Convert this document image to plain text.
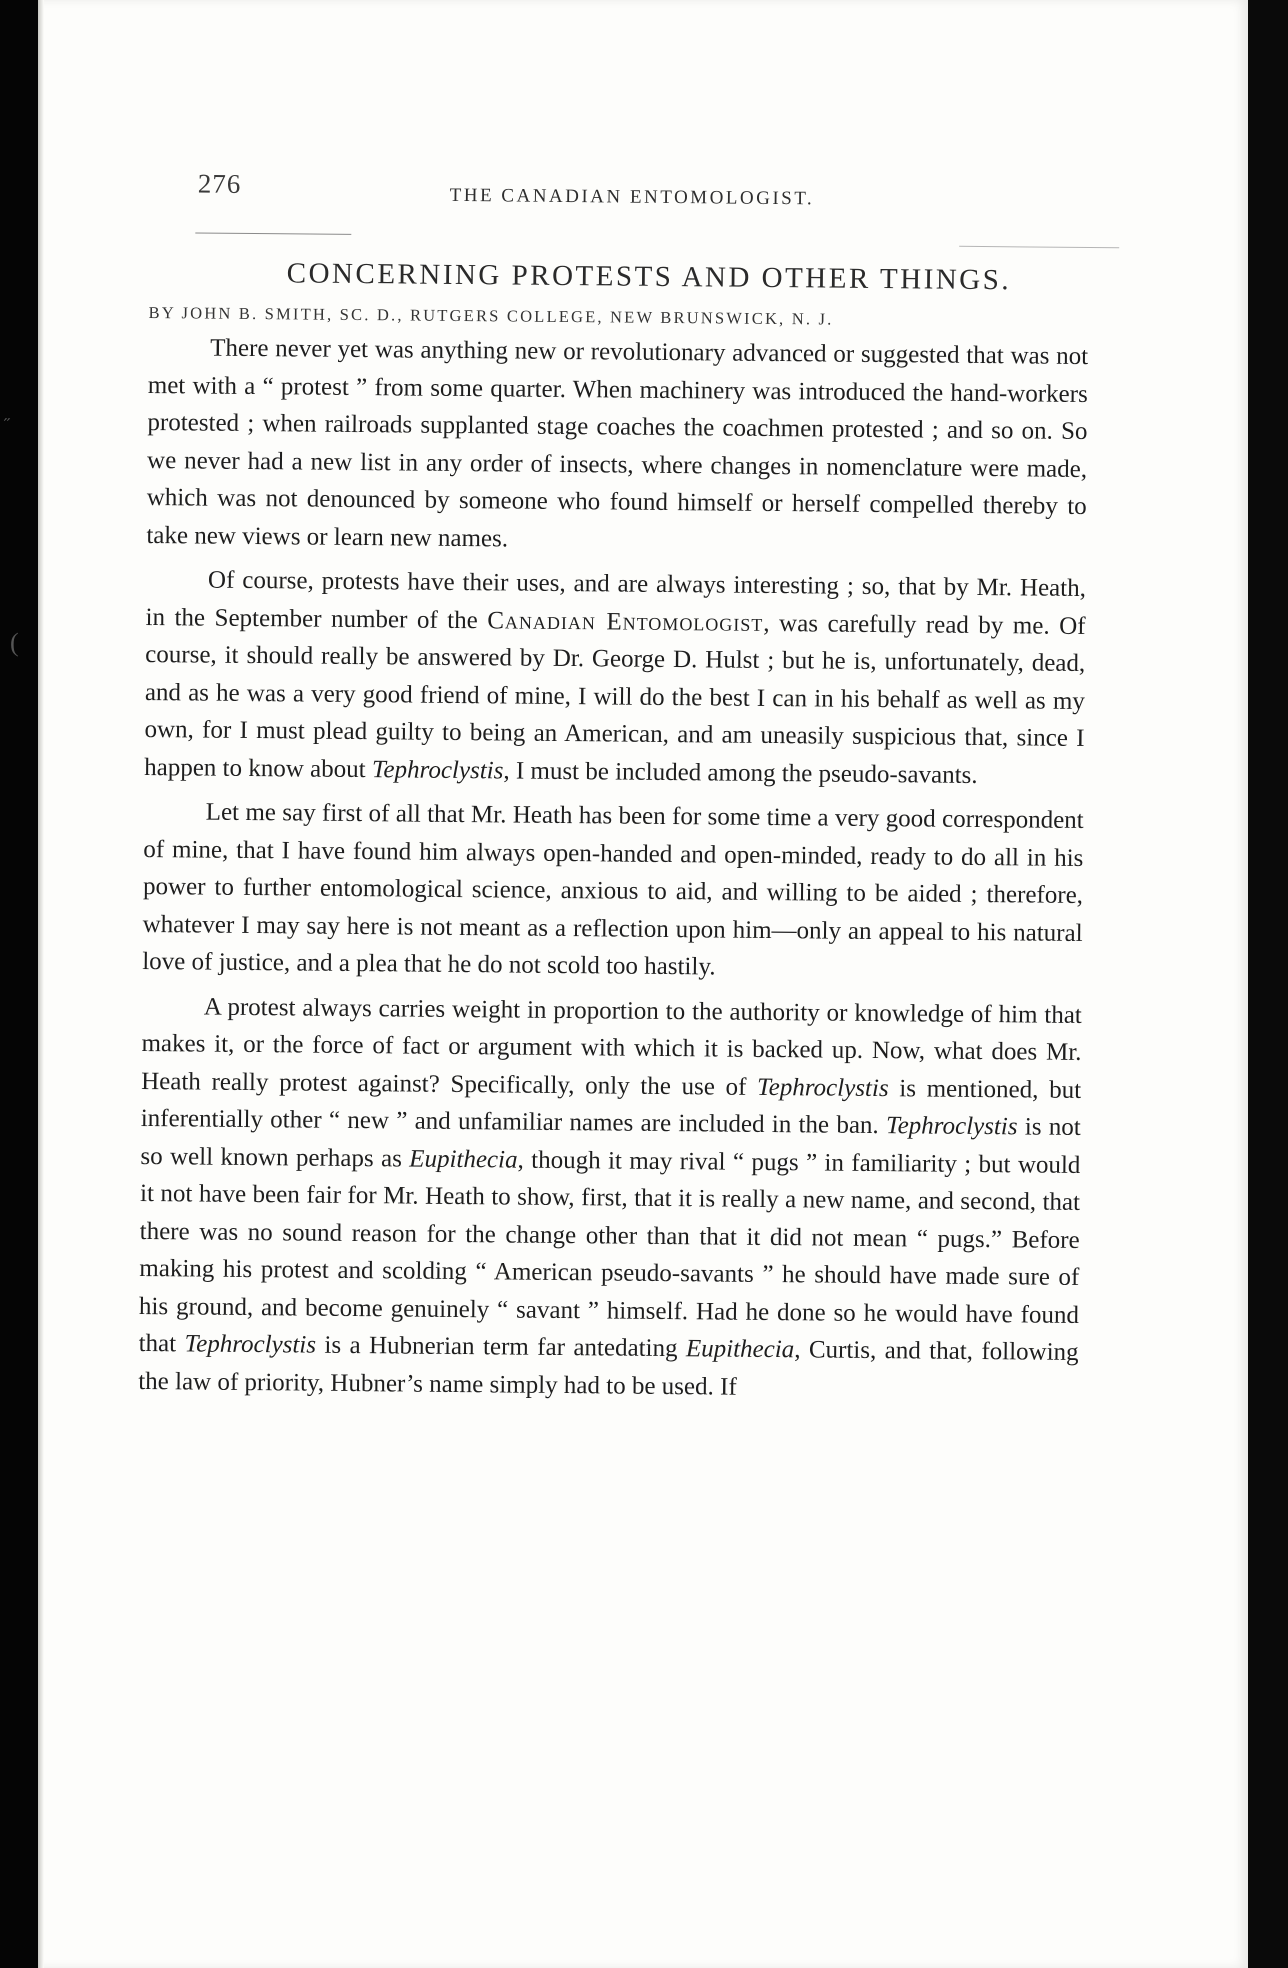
˝
(
276	THE CANADIAN ENTOMOLOGIST.
CONCERNING PROTESTS AND OTHER THINGS.
BY JOHN B. SMITH, SC. D., RUTGERS COLLEGE, NEW BRUNSWICK, N. J.

There never yet was anything new or revolutionary advanced or suggested that was not met with a “ protest ” from some quarter. When machinery was introduced the hand-workers protested ; when railroads supplanted stage coaches the coachmen protested ; and so on. So we never had a new list in any order of insects, where changes in nomenclature were made, which was not denounced by someone who found himself or herself compelled thereby to take new views or learn new names.

Of course, protests have their uses, and are always interesting ; so, that by Mr. Heath, in the September number of the Canadian Entomologist, was carefully read by me. Of course, it should really be answered by Dr. George D. Hulst ; but he is, unfortunately, dead, and as he was a very good friend of mine, I will do the best I can in his behalf as well as my own, for I must plead guilty to being an American, and am uneasily suspicious that, since I happen to know about Tephroclystis, I must be included among the pseudo-savants.

Let me say first of all that Mr. Heath has been for some time a very good correspondent of mine, that I have found him always open-handed and open-minded, ready to do all in his power to further entomological science, anxious to aid, and willing to be aided ; therefore, whatever I may say here is not meant as a reflection upon him—only an appeal to his natural love of justice, and a plea that he do not scold too hastily.

A protest always carries weight in proportion to the authority or knowledge of him that makes it, or the force of fact or argument with which it is backed up. Now, what does Mr. Heath really protest against? Specifically, only the use of Tephroclystis is mentioned, but inferentially other “ new ” and unfamiliar names are included in the ban. Tephroclystis is not so well known perhaps as Eupithecia, though it may rival “ pugs ” in familiarity ; but would it not have been fair for Mr. Heath to show, first, that it is really a new name, and second, that there was no sound reason for the change other than that it did not mean “ pugs.” Before making his protest and scolding “ American pseudo-savants ” he should have made sure of his ground, and become genuinely “ savant ” himself. Had he done so he would have found that Tephroclystis is a Hubnerian term far antedating Eupithecia, Curtis, and that, following the law of priority, Hubner’s name simply had to be used. If
